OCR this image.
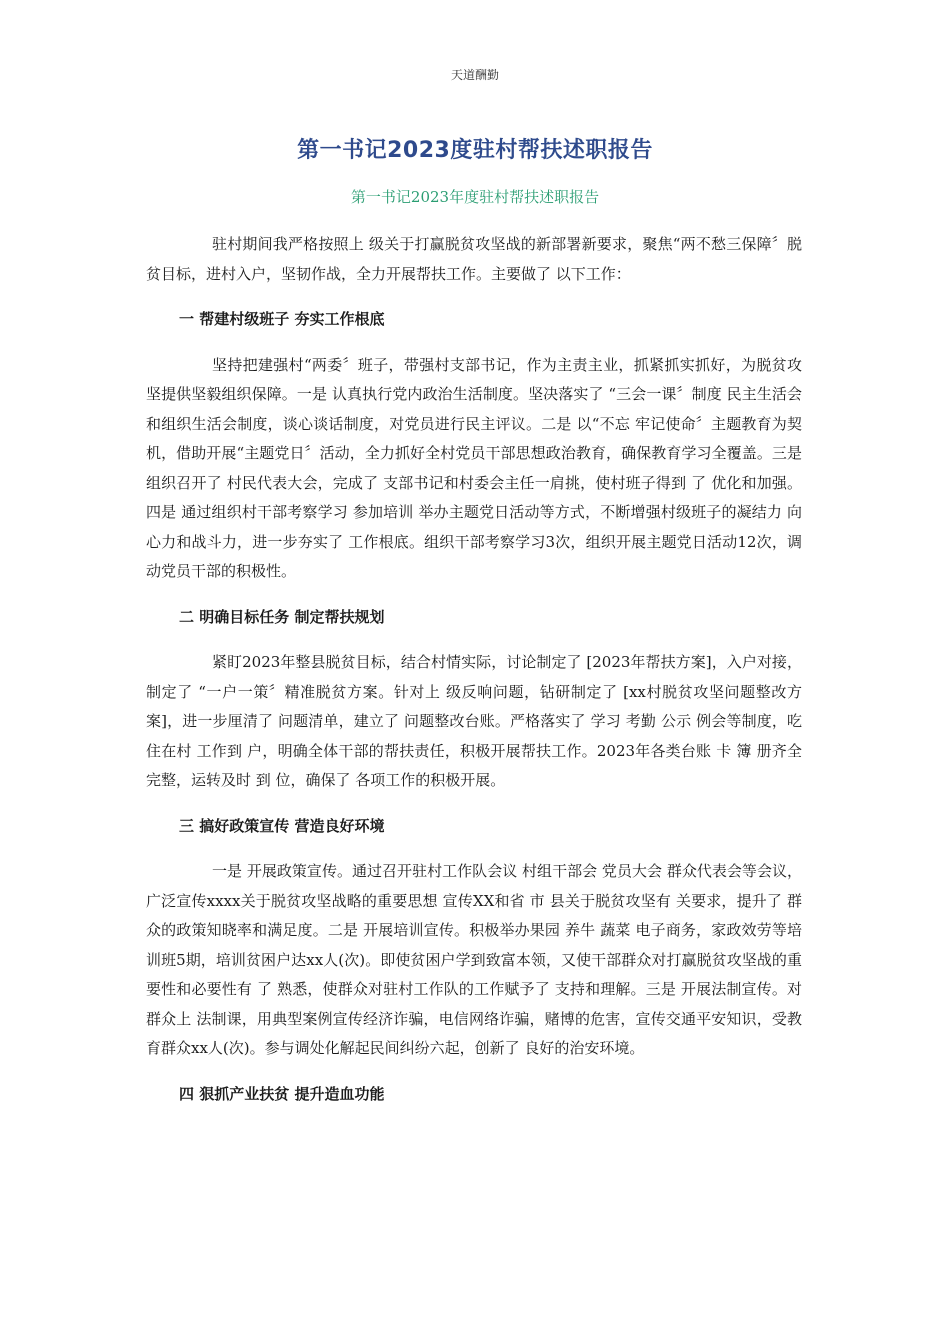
天道酬勤
第一书记2023度驻村帮扶述职报告
第一书记2023年度驻村帮扶述职报告

驻村期间我严格按照上 级关于打赢脱贫攻坚战的新部署新要求，聚焦“两不愁三保障〞脱贫目标，进村入户，坚韧作战，全力开展帮扶工作。主要做了 以下工作：

一 帮建村级班子 夯实工作根底

坚持把建强村“两委〞班子，带强村支部书记，作为主责主业，抓紧抓实抓好，为脱贫攻坚提供坚毅组织保障。一是 认真执行党内政治生活制度。坚决落实了 “三会一课〞制度 民主生活会和组织生活会制度，谈心谈话制度，对党员进行民主评议。二是 以“不忘 牢记使命〞主题教育为契机，借助开展“主题党日〞活动，全力抓好全村党员干部思想政治教育，确保教育学习全覆盖。三是 组织召开了 村民代表大会，完成了 支部书记和村委会主任一肩挑，使村班子得到 了 优化和加强。四是 通过组织村干部考察学习 参加培训 举办主题党日活动等方式，不断增强村级班子的凝结力 向心力和战斗力，进一步夯实了 工作根底。组织干部考察学习3次，组织开展主题党日活动12次，调动党员干部的积极性。

二 明确目标任务 制定帮扶规划

紧盯2023年整县脱贫目标，结合村情实际，讨论制定了 [2023年帮扶方案]，入户对接，制定了 “一户一策〞精准脱贫方案。针对上 级反响问题，钻研制定了 [xx村脱贫攻坚问题整改方案]，进一步厘清了 问题清单，建立了 问题整改台账。严格落实了 学习 考勤 公示 例会等制度，吃住在村 工作到 户，明确全体干部的帮扶责任，积极开展帮扶工作。2023年各类台账 卡 簿 册齐全完整，运转及时 到 位，确保了 各项工作的积极开展。

三 搞好政策宣传 营造良好环境

一是 开展政策宣传。通过召开驻村工作队会议 村组干部会 党员大会 群众代表会等会议，广泛宣传xxxx关于脱贫攻坚战略的重要思想 宣传XX和省 市 县关于脱贫攻坚有 关要求，提升了 群众的政策知晓率和满足度。二是 开展培训宣传。积极举办果园 养牛 蔬菜 电子商务，家政效劳等培训班5期，培训贫困户达xx人(次)。即使贫困户学到致富本领，又使干部群众对打赢脱贫攻坚战的重要性和必要性有 了 熟悉，使群众对驻村工作队的工作赋予了 支持和理解。三是 开展法制宣传。对群众上 法制课，用典型案例宣传经济诈骗，电信网络诈骗，赌博的危害，宣传交通平安知识，受教育群众xx人(次)。参与调处化解起民间纠纷六起，创新了 良好的治安环境。

四 狠抓产业扶贫 提升造血功能
